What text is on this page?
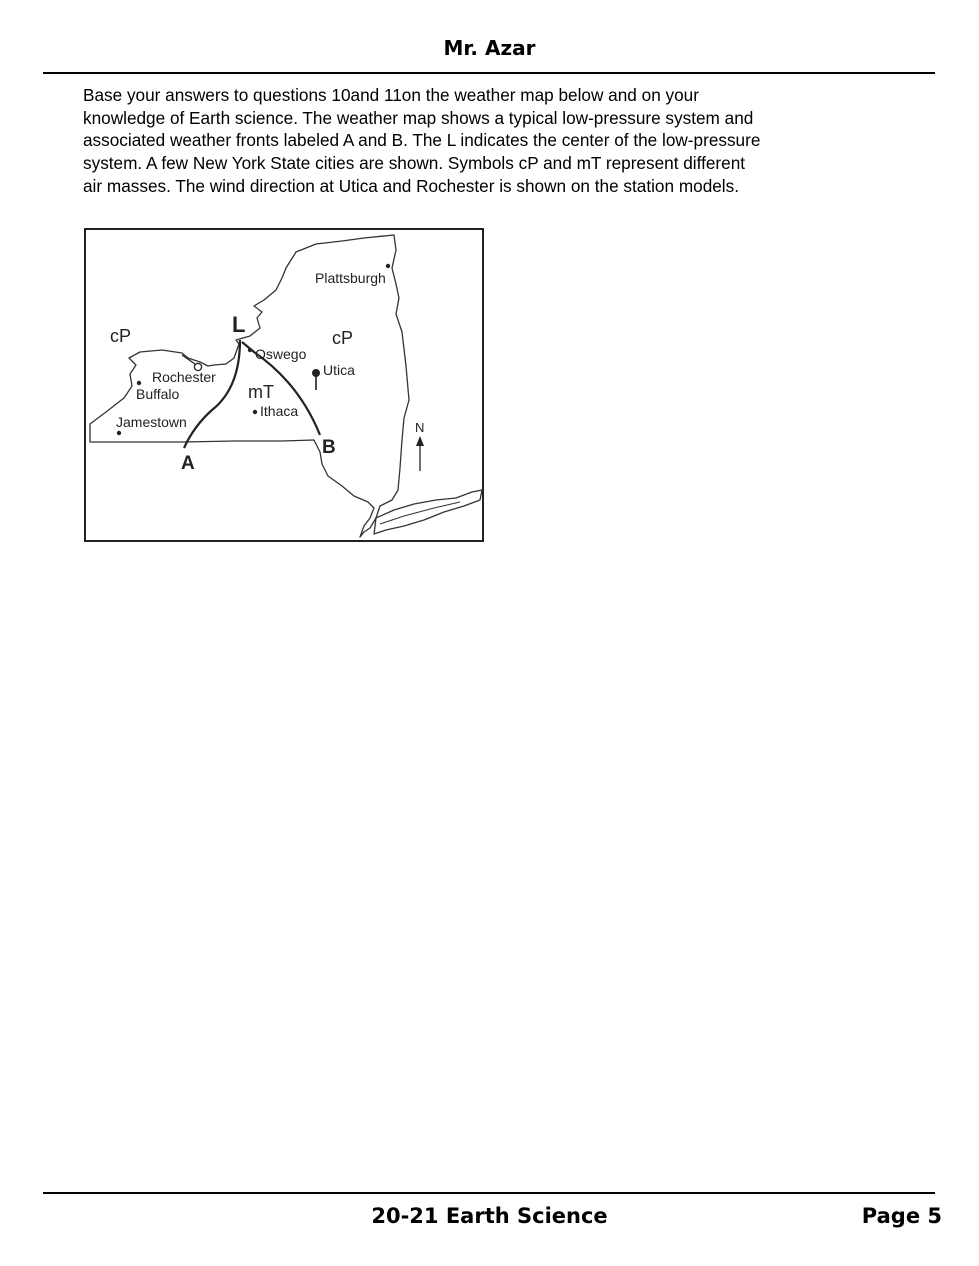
Mr. Azar

Base your answers to questions 10and 11on the weather map below and on your
knowledge of Earth science. The weather map shows a typical low-pressure system and
associated weather fronts labeled A and B. The L indicates the center of the low-pressure
system. A few New York State cities are shown. Symbols cP and mT represent different
air masses. The wind direction at Utica and Rochester is shown on the station models.

L
cP	cP
mT
A
B
Plattsburgh
Oswego
Utica
Rochester
Buffalo
Ithaca
Jamestown	N
20-21 Earth Science	Page 5
